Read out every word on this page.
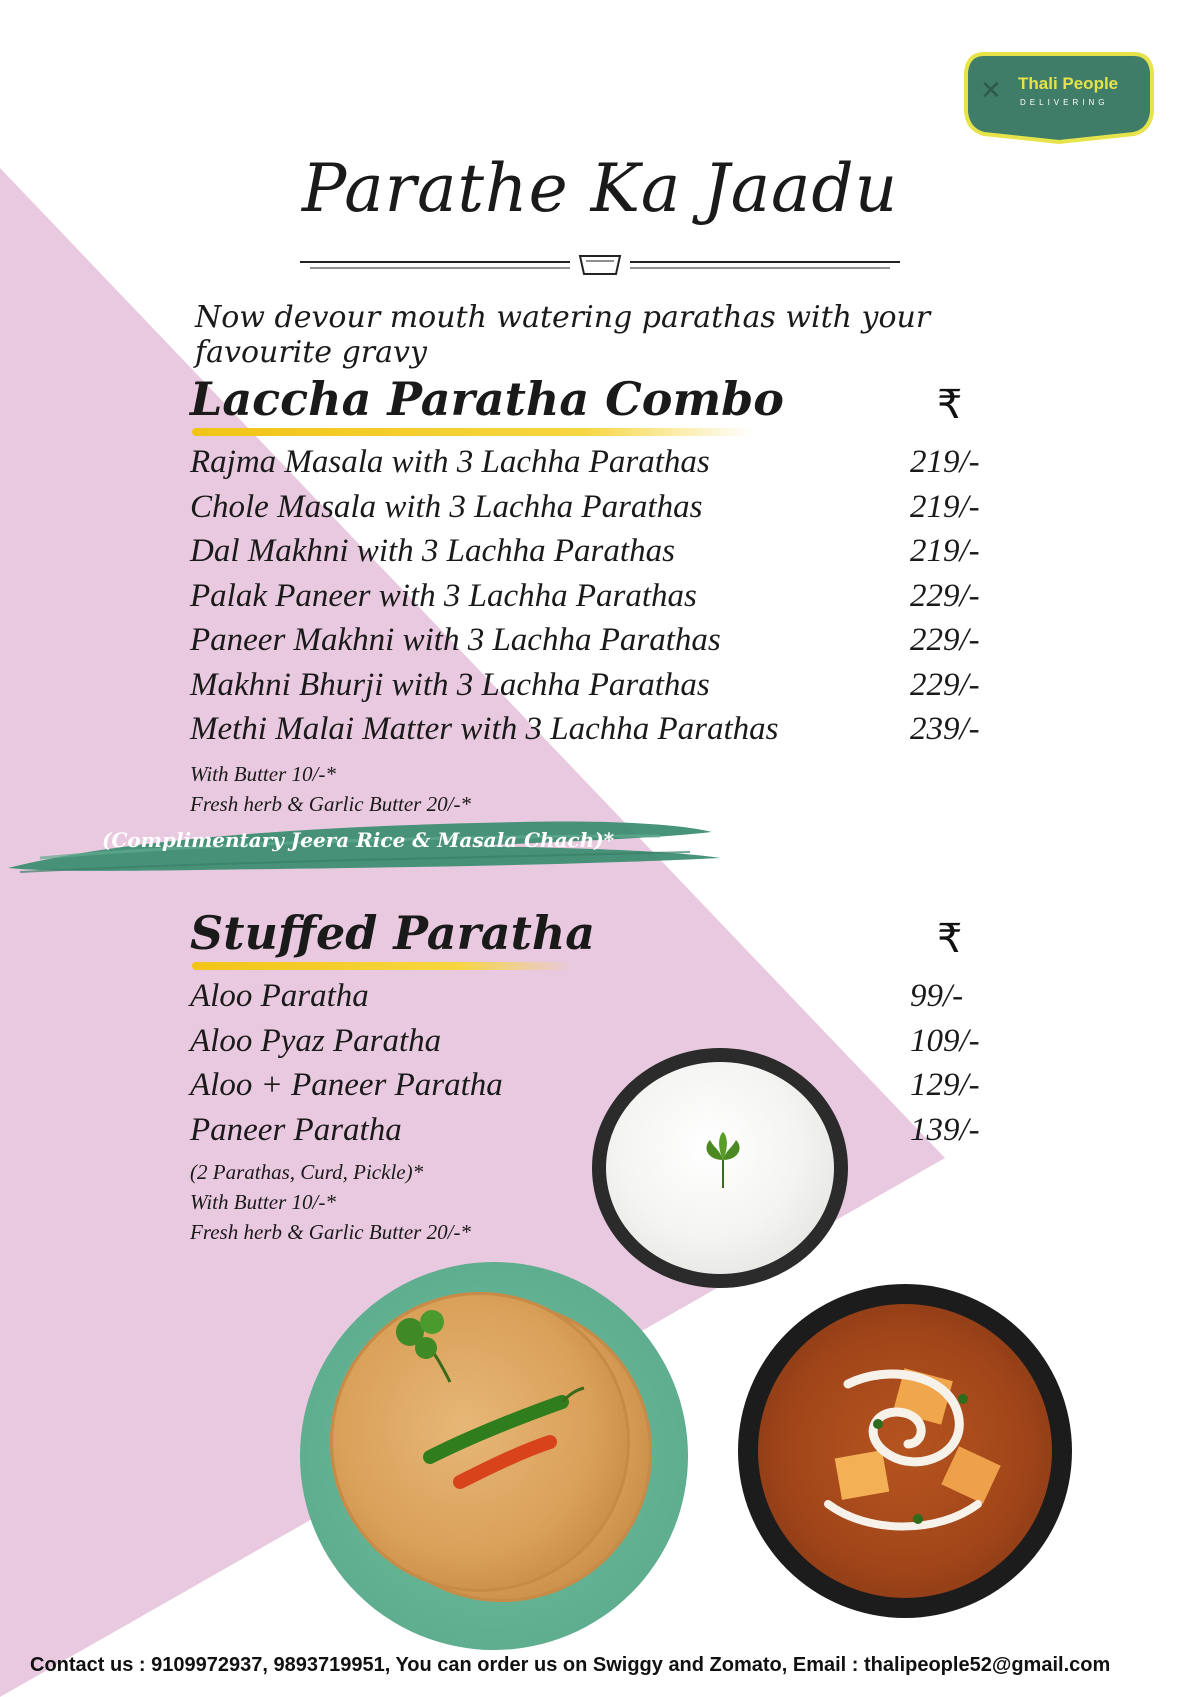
✕ Thali People
DELIVERING
Parathe Ka Jaadu
Now devour mouth watering parathas with your favourite gravy
Laccha Paratha Combo	₹
Rajma Masala with 3 Lachha Parathas	219/-
Chole Masala with 3 Lachha Parathas	219/-
Dal Makhni with 3 Lachha Parathas	219/-
Palak Paneer with 3 Lachha Parathas	229/-
Paneer Makhni with 3 Lachha Parathas	229/-
Makhni Bhurji with 3 Lachha Parathas	229/-
Methi Malai Matter with 3 Lachha Parathas	239/-
With Butter 10/-*
Fresh herb & Garlic Butter 20/-*
(Complimentary Jeera Rice & Masala Chach)*
Stuffed Paratha	₹
Aloo Paratha	99/-
Aloo Pyaz Paratha	109/-
Aloo + Paneer Paratha	129/-
Paneer Paratha	139/-
(2 Parathas, Curd, Pickle)*
With Butter 10/-*
Fresh herb & Garlic Butter 20/-*
Contact us : 9109972937, 9893719951, You can order us on Swiggy and Zomato, Email : thalipeople52@gmail.com
